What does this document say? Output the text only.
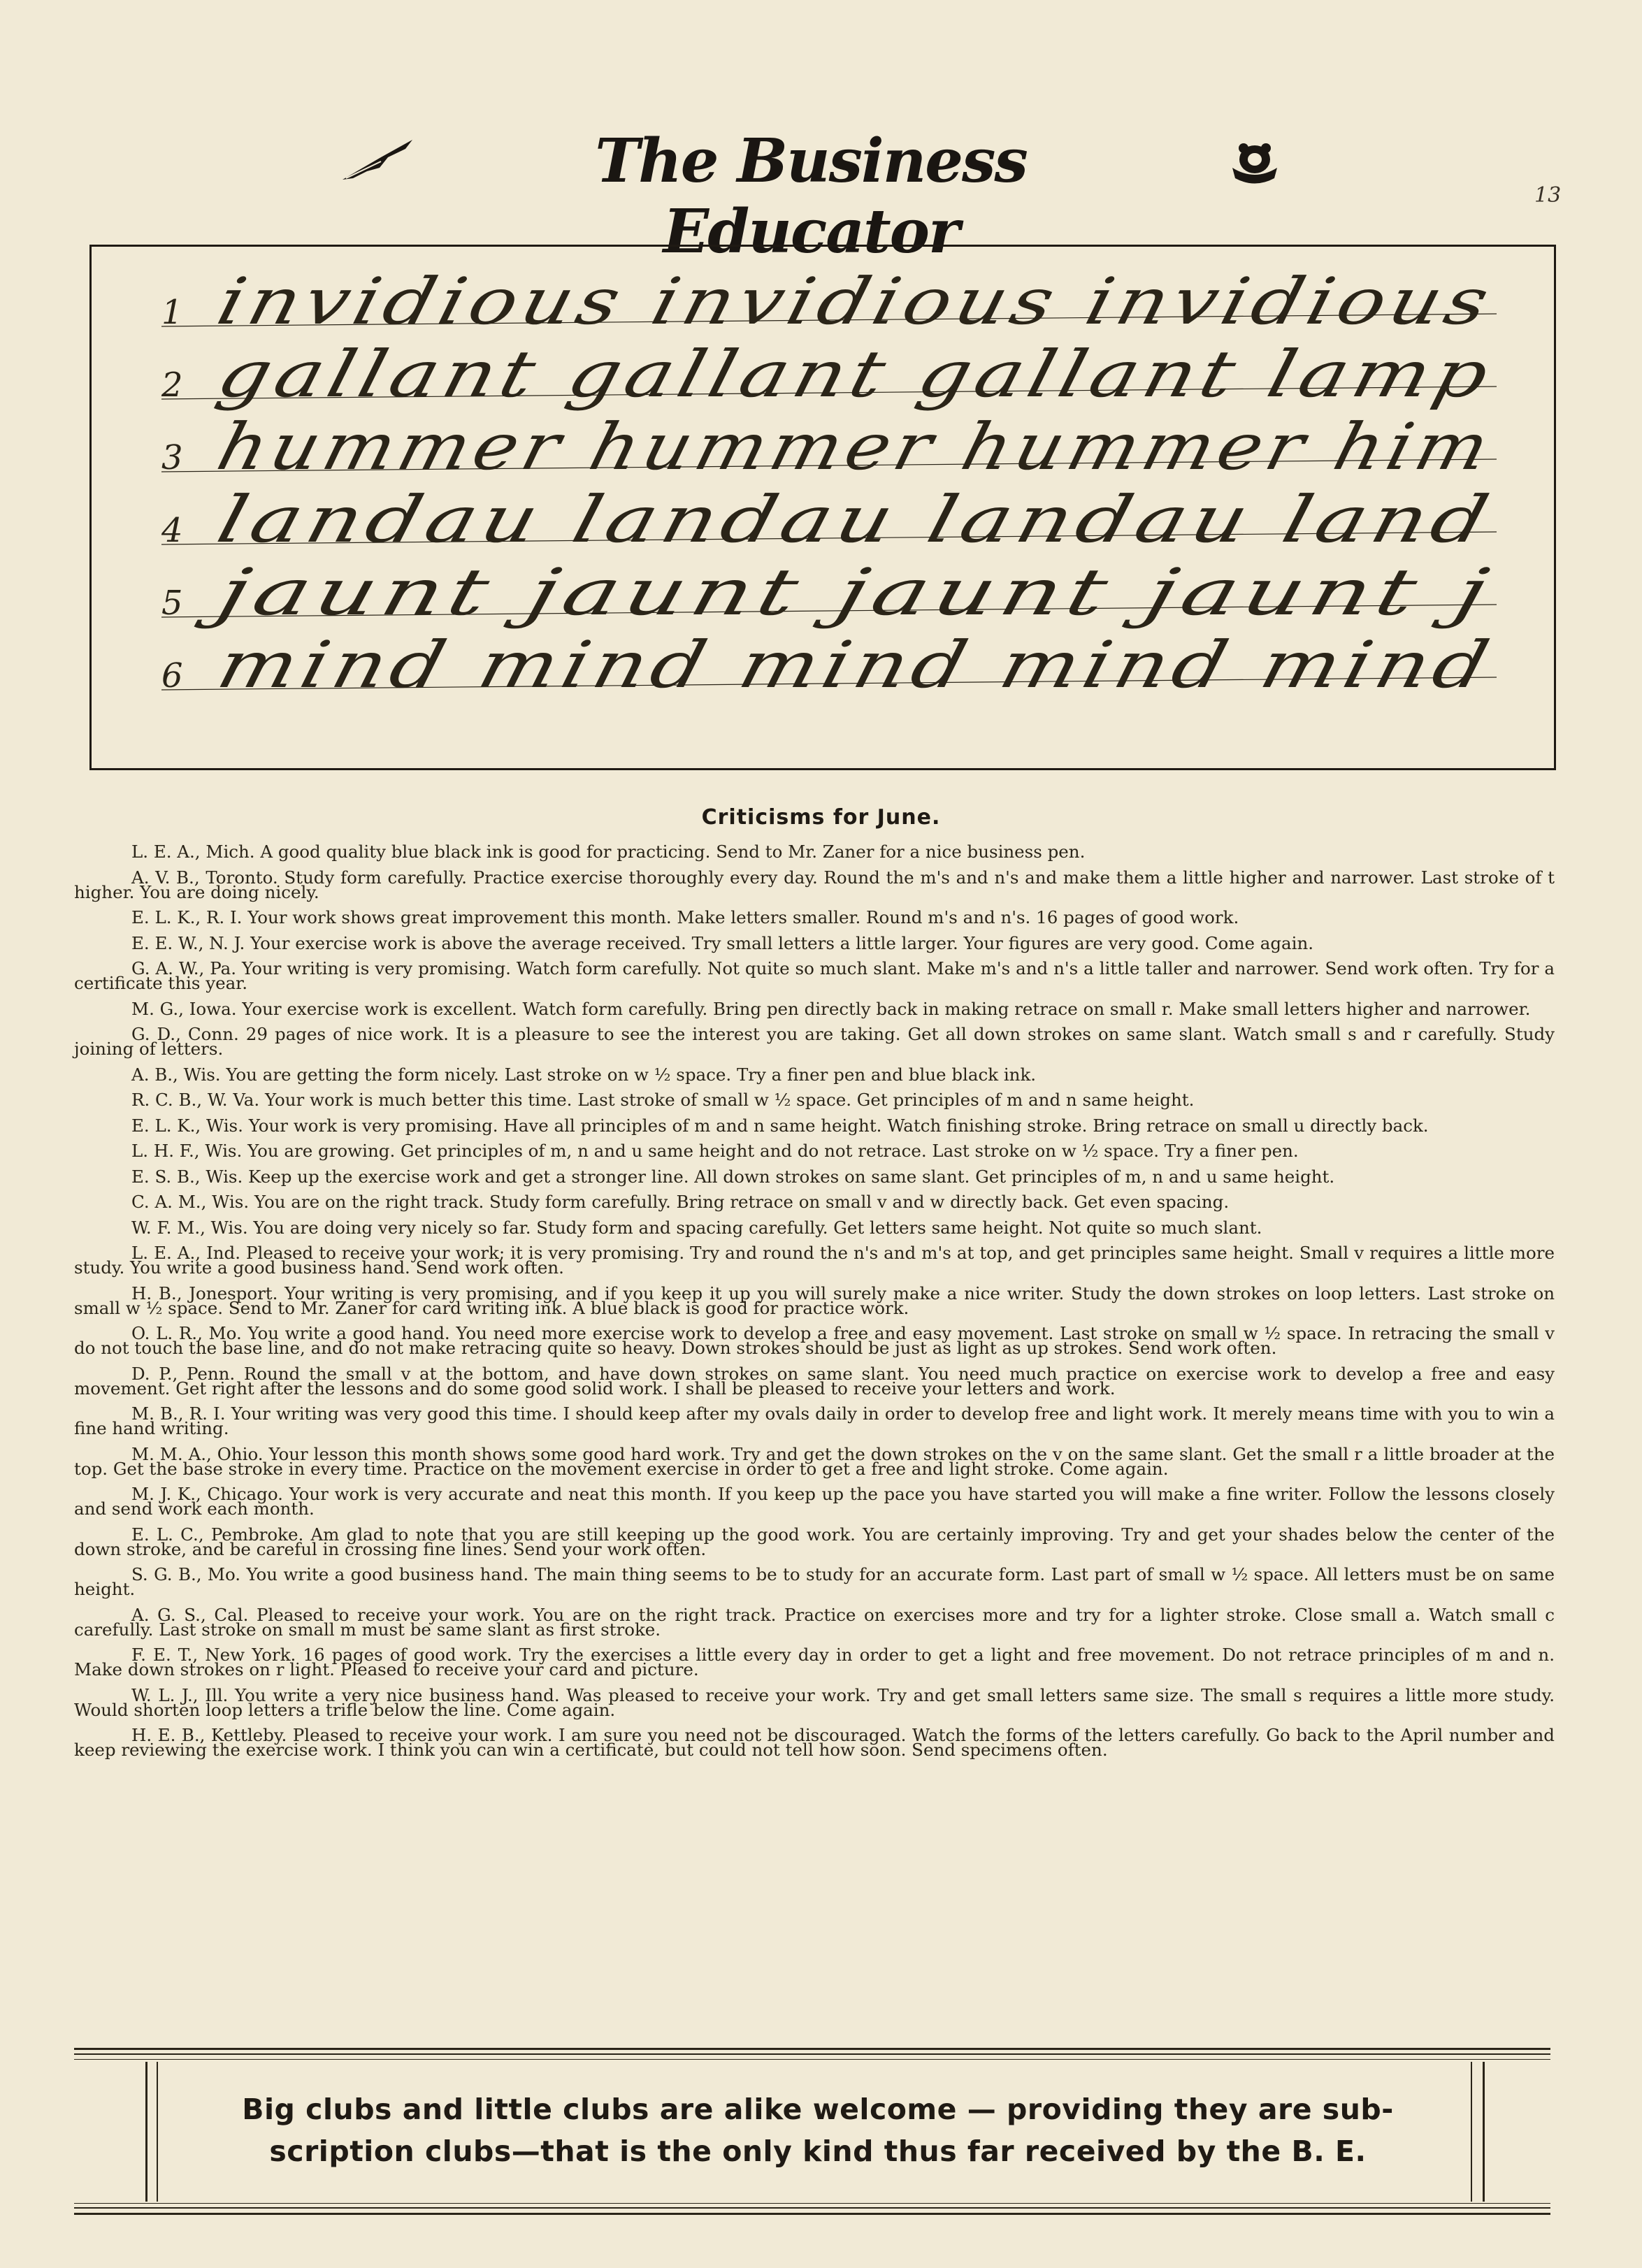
The Business Educator
13
1 invidious invidious invidious
2 gallant gallant gallant lamp
3 hummer hummer hummer him
4 landau landau landau land
5 jaunt jaunt jaunt jaunt j
6 mind mind mind mind mind
Criticisms for June.

L. E. A., Mich. A good quality blue black ink is good for practicing. Send to Mr. Zaner for a nice business pen.

A. V. B., Toronto. Study form carefully. Practice exercise thoroughly every day. Round the m's and n's and make them a little higher and narrower. Last stroke of t higher. You are doing nicely.

E. L. K., R. I. Your work shows great improvement this month. Make letters smaller. Round m's and n's. 16 pages of good work.

E. E. W., N. J. Your exercise work is above the average received. Try small letters a little larger. Your figures are very good. Come again.

G. A. W., Pa. Your writing is very promising. Watch form carefully. Not quite so much slant. Make m's and n's a little taller and narrower. Send work often. Try for a certificate this year.

M. G., Iowa. Your exercise work is excellent. Watch form carefully. Bring pen directly back in making retrace on small r. Make small letters higher and narrower.

G. D., Conn. 29 pages of nice work. It is a pleasure to see the interest you are taking. Get all down strokes on same slant. Watch small s and r carefully. Study joining of letters.

A. B., Wis. You are getting the form nicely. Last stroke on w ½ space. Try a finer pen and blue black ink.

R. C. B., W. Va. Your work is much better this time. Last stroke of small w ½ space. Get principles of m and n same height.

E. L. K., Wis. Your work is very promising. Have all principles of m and n same height. Watch finishing stroke. Bring retrace on small u directly back.

L. H. F., Wis. You are growing. Get principles of m, n and u same height and do not retrace. Last stroke on w ½ space. Try a finer pen.

E. S. B., Wis. Keep up the exercise work and get a stronger line. All down strokes on same slant. Get principles of m, n and u same height.

C. A. M., Wis. You are on the right track. Study form carefully. Bring retrace on small v and w directly back. Get even spacing.

W. F. M., Wis. You are doing very nicely so far. Study form and spacing carefully. Get letters same height. Not quite so much slant.

L. E. A., Ind. Pleased to receive your work; it is very promising. Try and round the n's and m's at top, and get principles same height. Small v requires a little more study. You write a good business hand. Send work often.

H. B., Jonesport. Your writing is very promising, and if you keep it up you will surely make a nice writer. Study the down strokes on loop letters. Last stroke on small w ½ space. Send to Mr. Zaner for card writing ink. A blue black is good for practice work.

O. L. R., Mo. You write a good hand. You need more exercise work to develop a free and easy movement. Last stroke on small w ½ space. In retracing the small v do not touch the base line, and do not make retracing quite so heavy. Down strokes should be just as light as up strokes. Send work often.

D. P., Penn. Round the small v at the bottom, and have down strokes on same slant. You need much practice on exercise work to develop a free and easy movement. Get right after the lessons and do some good solid work. I shall be pleased to receive your letters and work.

M. B., R. I. Your writing was very good this time. I should keep after my ovals daily in order to develop free and light work. It merely means time with you to win a fine hand writing.

M. M. A., Ohio. Your lesson this month shows some good hard work. Try and get the down strokes on the v on the same slant. Get the small r a little broader at the top. Get the base stroke in every time. Practice on the movement exercise in order to get a free and light stroke. Come again.

M. J. K., Chicago. Your work is very accurate and neat this month. If you keep up the pace you have started you will make a fine writer. Follow the lessons closely and send work each month.

E. L. C., Pembroke. Am glad to note that you are still keeping up the good work. You are certainly improving. Try and get your shades below the center of the down stroke, and be careful in crossing fine lines. Send your work often.

S. G. B., Mo. You write a good business hand. The main thing seems to be to study for an accurate form. Last part of small w ½ space. All letters must be on same height.

A. G. S., Cal. Pleased to receive your work. You are on the right track. Practice on exercises more and try for a lighter stroke. Close small a. Watch small c carefully. Last stroke on small m must be same slant as first stroke.

F. E. T., New York. 16 pages of good work. Try the exercises a little every day in order to get a light and free movement. Do not retrace principles of m and n. Make down strokes on r light. Pleased to receive your card and picture.

W. L. J., Ill. You write a very nice business hand. Was pleased to receive your work. Try and get small letters same size. The small s requires a little more study. Would shorten loop letters a trifle below the line. Come again.

H. E. B., Kettleby. Pleased to receive your work. I am sure you need not be discouraged. Watch the forms of the letters carefully. Go back to the April number and keep reviewing the exercise work. I think you can win a certificate, but could not tell how soon. Send specimens often.

Big clubs and little clubs are alike welcome — providing they are sub-
scription clubs—that is the only kind thus far received by the B. E.
